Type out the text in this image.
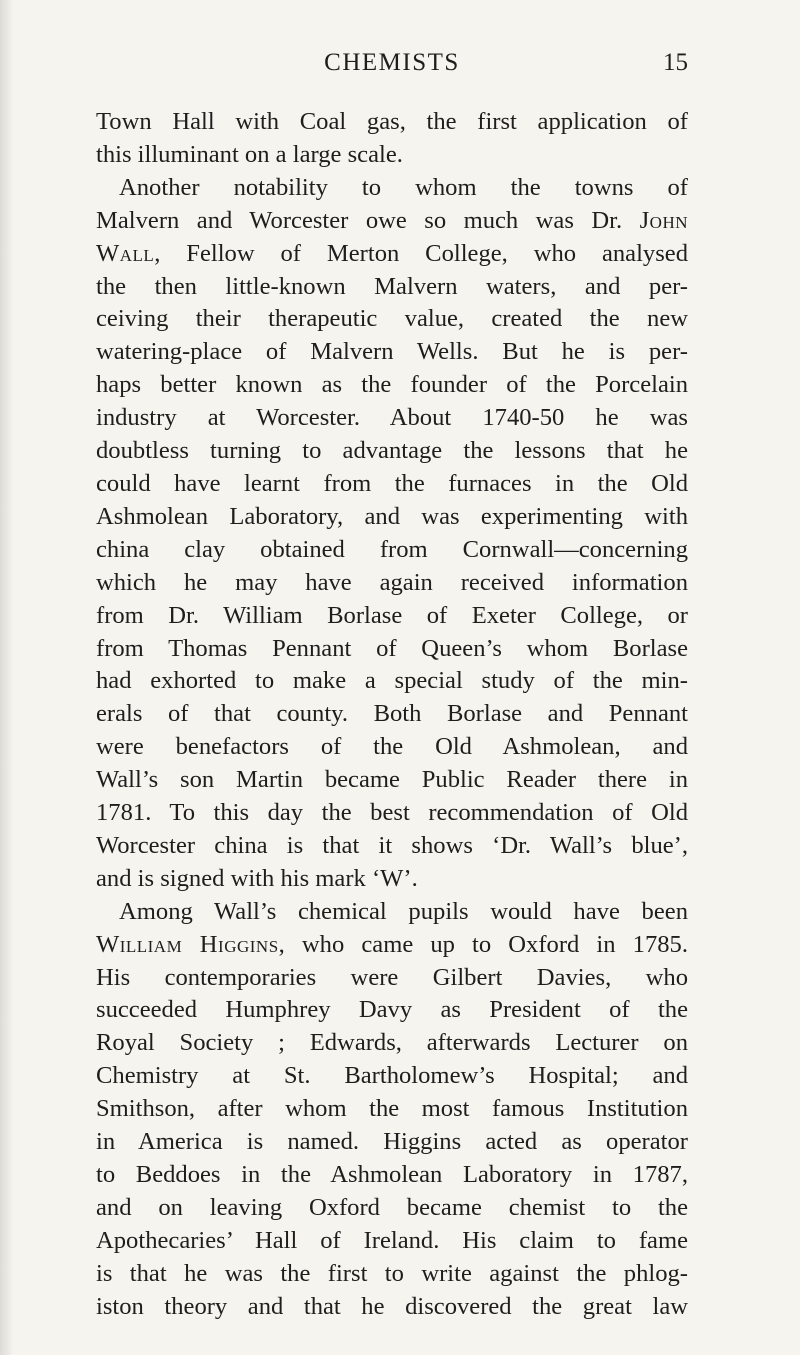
CHEMISTS	15
Town Hall with Coal gas, the first application of
this illuminant on a large scale.
Another notability to whom the towns of
Malvern and Worcester owe so much was Dr. John
Wall, Fellow of Merton College, who analysed
the then little-known Malvern waters, and per-
ceiving their therapeutic value, created the new
watering-place of Malvern Wells. But he is per-
haps better known as the founder of the Porcelain
industry at Worcester. About 1740-50 he was
doubtless turning to advantage the lessons that he
could have learnt from the furnaces in the Old
Ashmolean Laboratory, and was experimenting with
china clay obtained from Cornwall—concerning
which he may have again received information
from Dr. William Borlase of Exeter College, or
from Thomas Pennant of Queen’s whom Borlase
had exhorted to make a special study of the min-
erals of that county. Both Borlase and Pennant
were benefactors of the Old Ashmolean, and
Wall’s son Martin became Public Reader there in
1781. To this day the best recommendation of Old
Worcester china is that it shows ‘Dr. Wall’s blue’,
and is signed with his mark ‘W’.
Among Wall’s chemical pupils would have been
William Higgins, who came up to Oxford in 1785.
His contemporaries were Gilbert Davies, who
succeeded Humphrey Davy as President of the
Royal Society ; Edwards, afterwards Lecturer on
Chemistry at St. Bartholomew’s Hospital; and
Smithson, after whom the most famous Institution
in America is named. Higgins acted as operator
to Beddoes in the Ashmolean Laboratory in 1787,
and on leaving Oxford became chemist to the
Apothecaries’ Hall of Ireland. His claim to fame
is that he was the first to write against the phlog-
iston theory and that he discovered the great law
